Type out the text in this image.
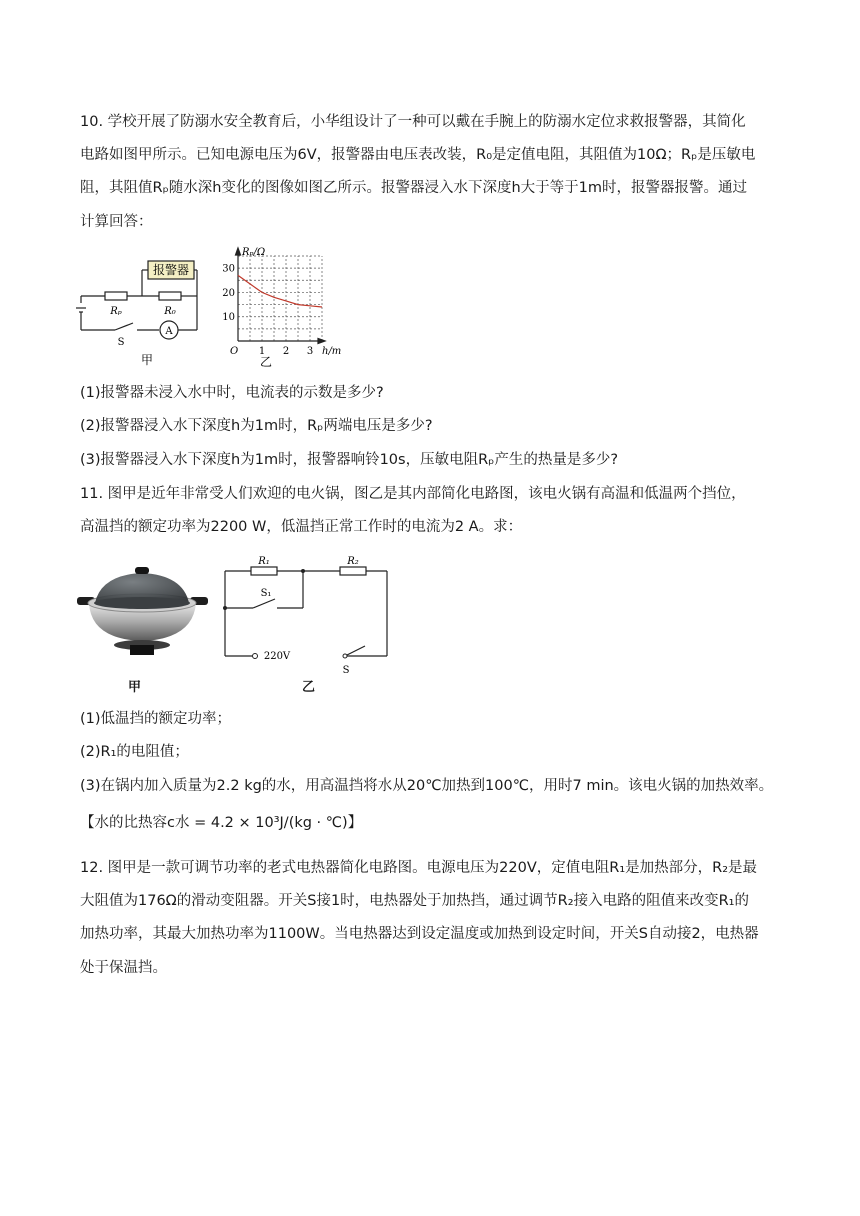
10. 学校开展了防溺水安全教育后，小华组设计了一种可以戴在手腕上的防溺水定位求救报警器，其简化
电路如图甲所示。已知电源电压为6V，报警器由电压表改装，R₀是定值电阻，其阻值为10Ω；Rₚ是压敏电
阻，其阻值Rₚ随水深h变化的图像如图乙所示。报警器浸入水下深度h大于等于1m时，报警器报警。通过
计算回答：
报警器
Rₚ	R₀
A
S
甲
10
20
30
1 2 3
Rₚ/Ω
h/m
O
乙
(1)报警器未浸入水中时，电流表的示数是多少?
(2)报警器浸入水下深度h为1m时，Rₚ两端电压是多少?
(3)报警器浸入水下深度h为1m时，报警器响铃10s，压敏电阻Rₚ产生的热量是多少?
11. 图甲是近年非常受人们欢迎的电火锅，图乙是其内部简化电路图，该电火锅有高温和低温两个挡位，
高温挡的额定功率为2200 W，低温挡正常工作时的电流为2 A。求：
甲
R₁	R₂
S₁
220V
S
乙
(1)低温挡的额定功率；
(2)R₁的电阻值；
(3)在锅内加入质量为2.2 kg的水，用高温挡将水从20℃加热到100℃，用时7 min。该电火锅的加热效率。
【水的比热容c水 = 4.2 × 10³J/(kg · ℃)】
12. 图甲是一款可调节功率的老式电热器简化电路图。电源电压为220V，定值电阻R₁是加热部分，R₂是最
大阻值为176Ω的滑动变阻器。开关S接1时，电热器处于加热挡，通过调节R₂接入电路的阻值来改变R₁的
加热功率，其最大加热功率为1100W。当电热器达到设定温度或加热到设定时间，开关S自动接2，电热器
处于保温挡。
